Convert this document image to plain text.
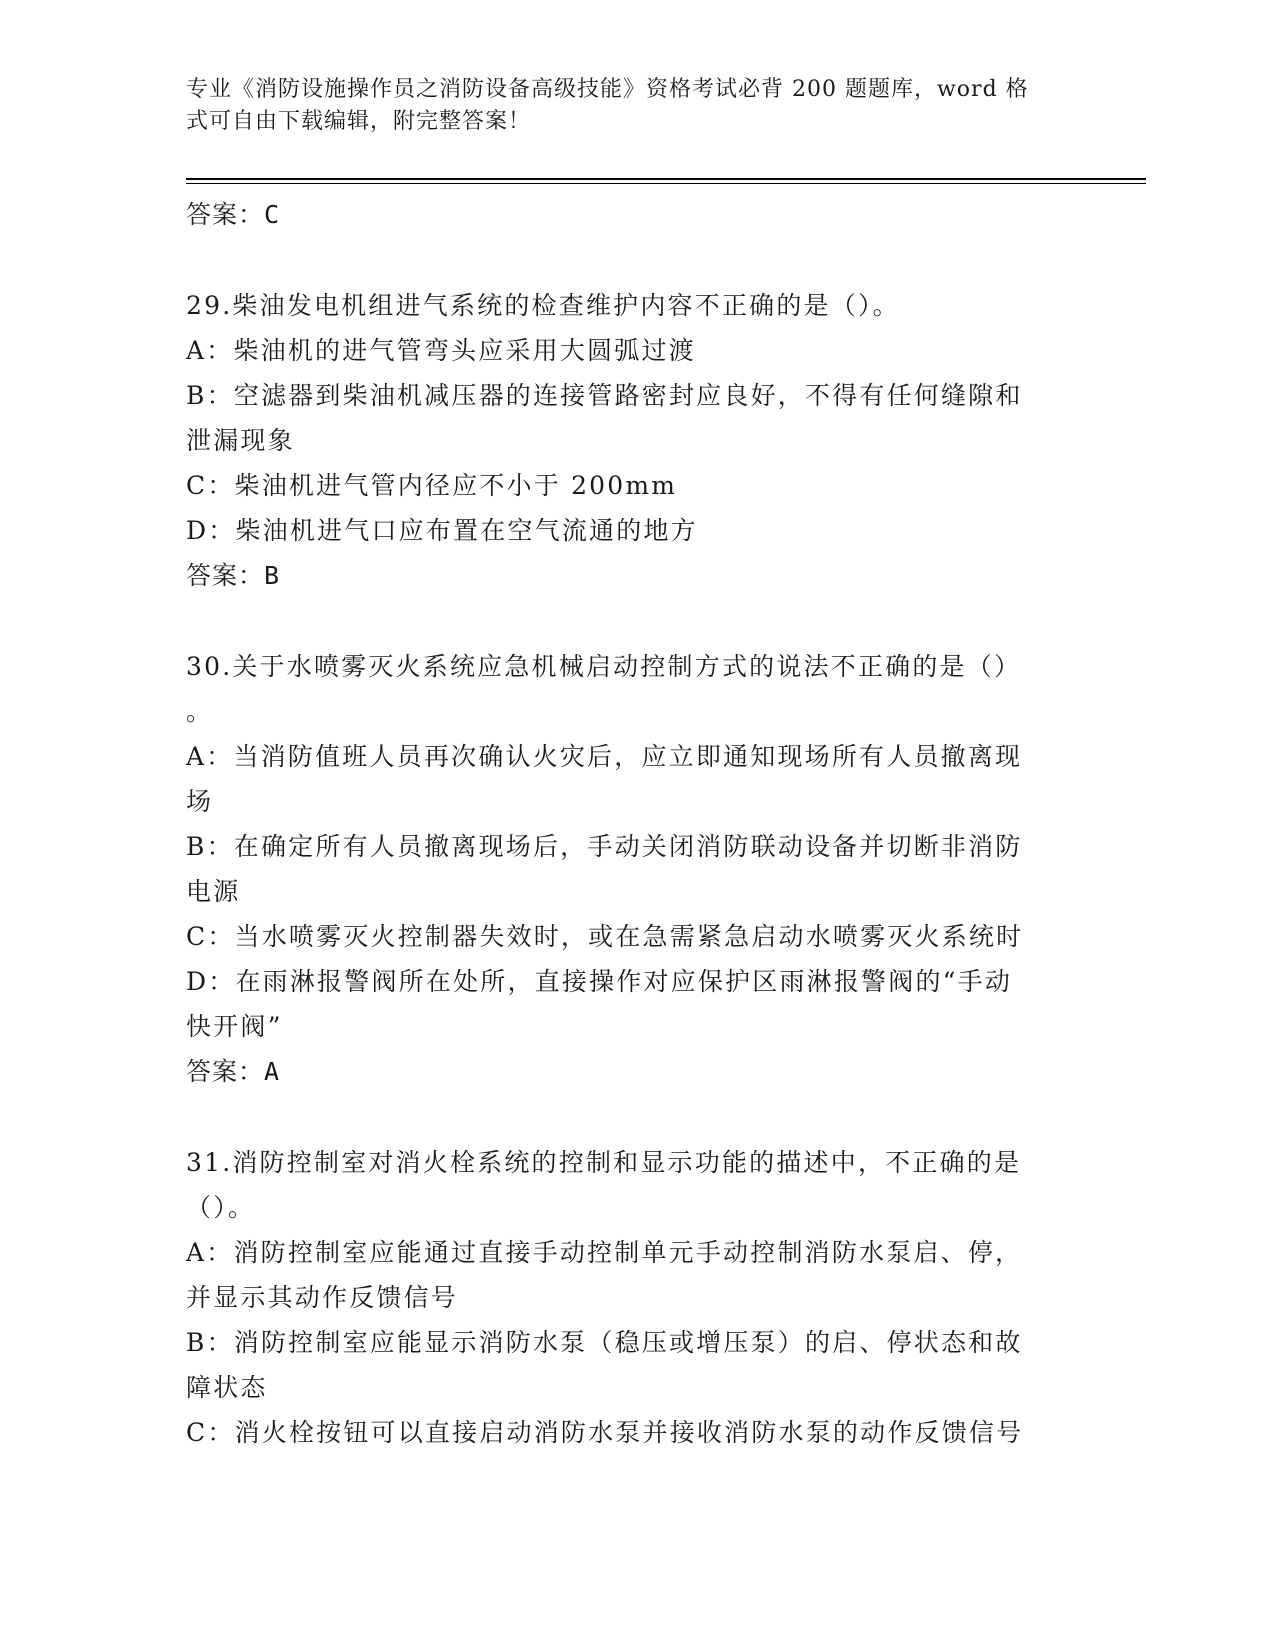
专业《消防设施操作员之消防设备高级技能》资格考试必背 200 题题库，word 格
式可自由下载编辑，附完整答案！
答案：C
29.柴油发电机组进气系统的检查维护内容不正确的是（）。
A：柴油机的进气管弯头应采用大圆弧过渡
B：空滤器到柴油机减压器的连接管路密封应良好，不得有任何缝隙和
泄漏现象
C：柴油机进气管内径应不小于 200mm
D：柴油机进气口应布置在空气流通的地方
答案：B
30.关于水喷雾灭火系统应急机械启动控制方式的说法不正确的是（）
。
A：当消防值班人员再次确认火灾后，应立即通知现场所有人员撤离现
场
B：在确定所有人员撤离现场后，手动关闭消防联动设备并切断非消防
电源
C：当水喷雾灭火控制器失效时，或在急需紧急启动水喷雾灭火系统时
D：在雨淋报警阀所在处所，直接操作对应保护区雨淋报警阀的“手动
快开阀”
答案：A
31.消防控制室对消火栓系统的控制和显示功能的描述中，不正确的是
（）。
A：消防控制室应能通过直接手动控制单元手动控制消防水泵启、停，
并显示其动作反馈信号
B：消防控制室应能显示消防水泵（稳压或增压泵）的启、停状态和故
障状态
C：消火栓按钮可以直接启动消防水泵并接收消防水泵的动作反馈信号
